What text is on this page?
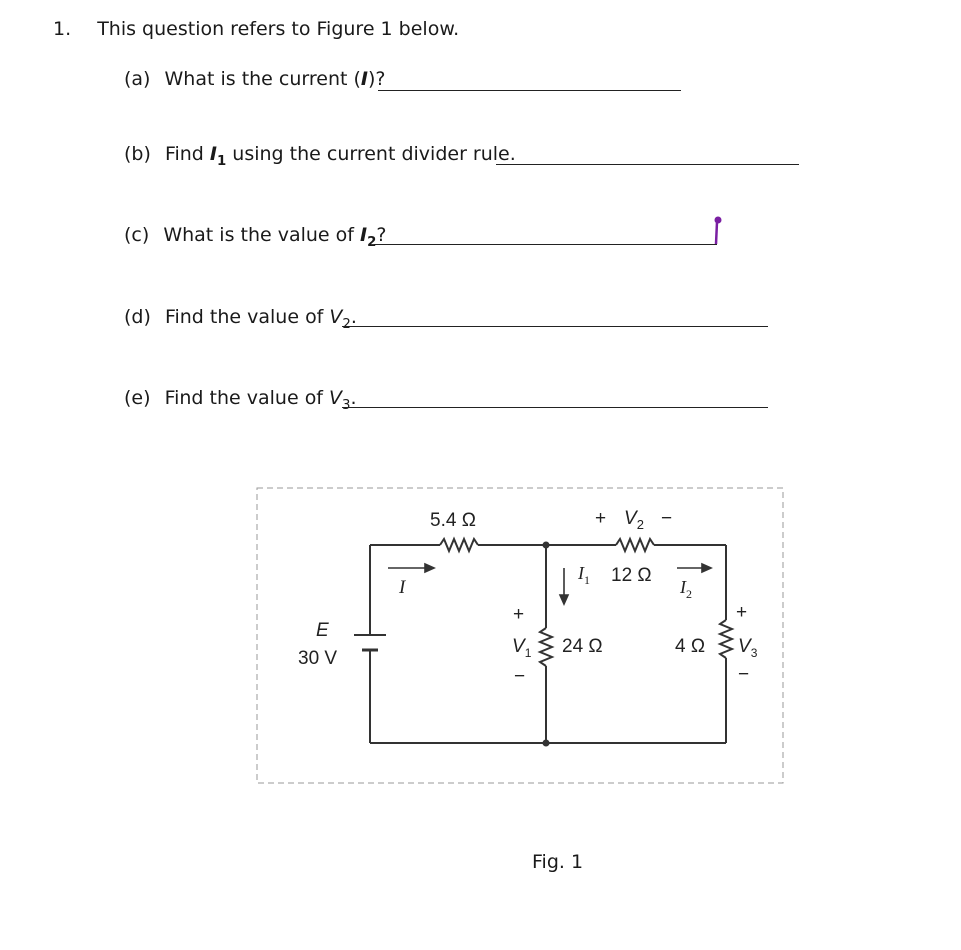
1. This question refers to Figure 1 below.
(a) What is the current (I)?
(b) Find $I_1$ using the current divider rule.
(c) What is the value of $I_2$?
(d) Find the value of $V_2$.
(e) Find the value of $V_3$.
5.4 Ω	+ $V_2$ −
I
$I_1$ 12 Ω
$I_2$
+
$V_1$
−
24 Ω	4 Ω
+
$V_3$
−
E
30 V
Fig. 1
